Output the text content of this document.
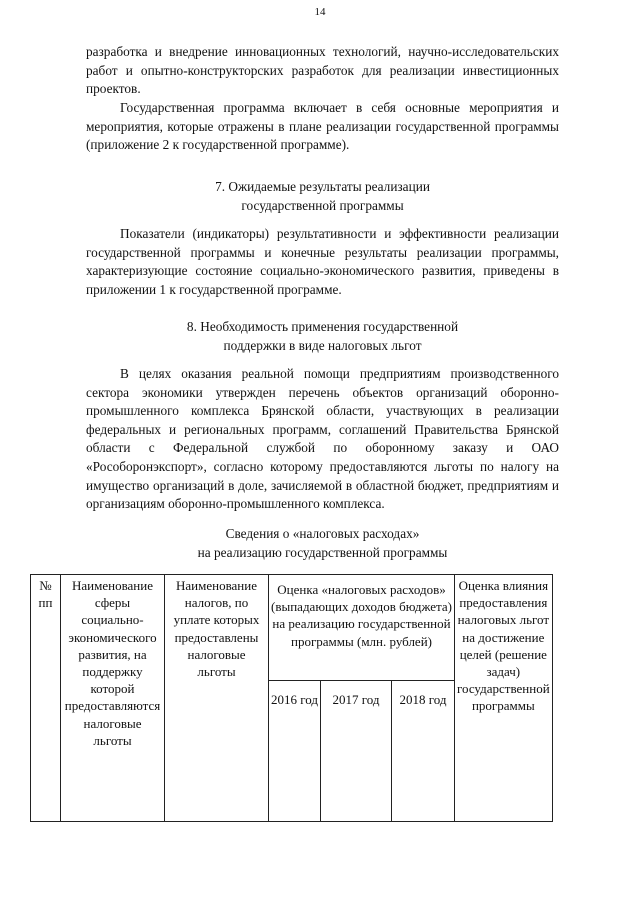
14

разработка и внедрение инновационных технологий, научно-исследовательских работ и опытно-конструкторских разработок для реализации инвестиционных проектов.

Государственная программа включает в себя основные мероприятия и мероприятия, которые отражены в плане реализации государственной программы (приложение 2 к государственной программе).

7. Ожидаемые результаты реализации
государственной программы

Показатели (индикаторы) результативности и эффективности реализации государственной программы и конечные результаты реализации программы, характеризующие состояние социально-экономического развития, приведены в приложении 1 к государственной программе.

8. Необходимость применения государственной
поддержки в виде налоговых льгот

В целях оказания реальной помощи предприятиям производственного сектора экономики утвержден перечень объектов организаций оборонно-промышленного комплекса Брянской области, участвующих в реализации федеральных и региональных программ, соглашений Правительства Брянской области с Федеральной службой по оборонному заказу и ОАО «Рособоронэкспорт», согласно которому предоставляются льготы по налогу на имущество организаций в доле, зачисляемой в областной бюджет, предприятиям и организациям оборонно-промышленного комплекса.

Сведения о «налоговых расходах»
на реализацию государственной программы
№ пп	Наименование сферы социально-экономического развития, на поддержку которой предоставляются налоговые льготы	Наименование налогов, по уплате которых предоставлены налоговые льготы	Оценка «налоговых расходов» (выпадающих доходов бюджета) на реализацию государственной программы (млн. рублей)			Оценка влияния предоставления налоговых льгот на достижение целей (решение задач) государственной программы
			2016 год	2017 год	2018 год	
